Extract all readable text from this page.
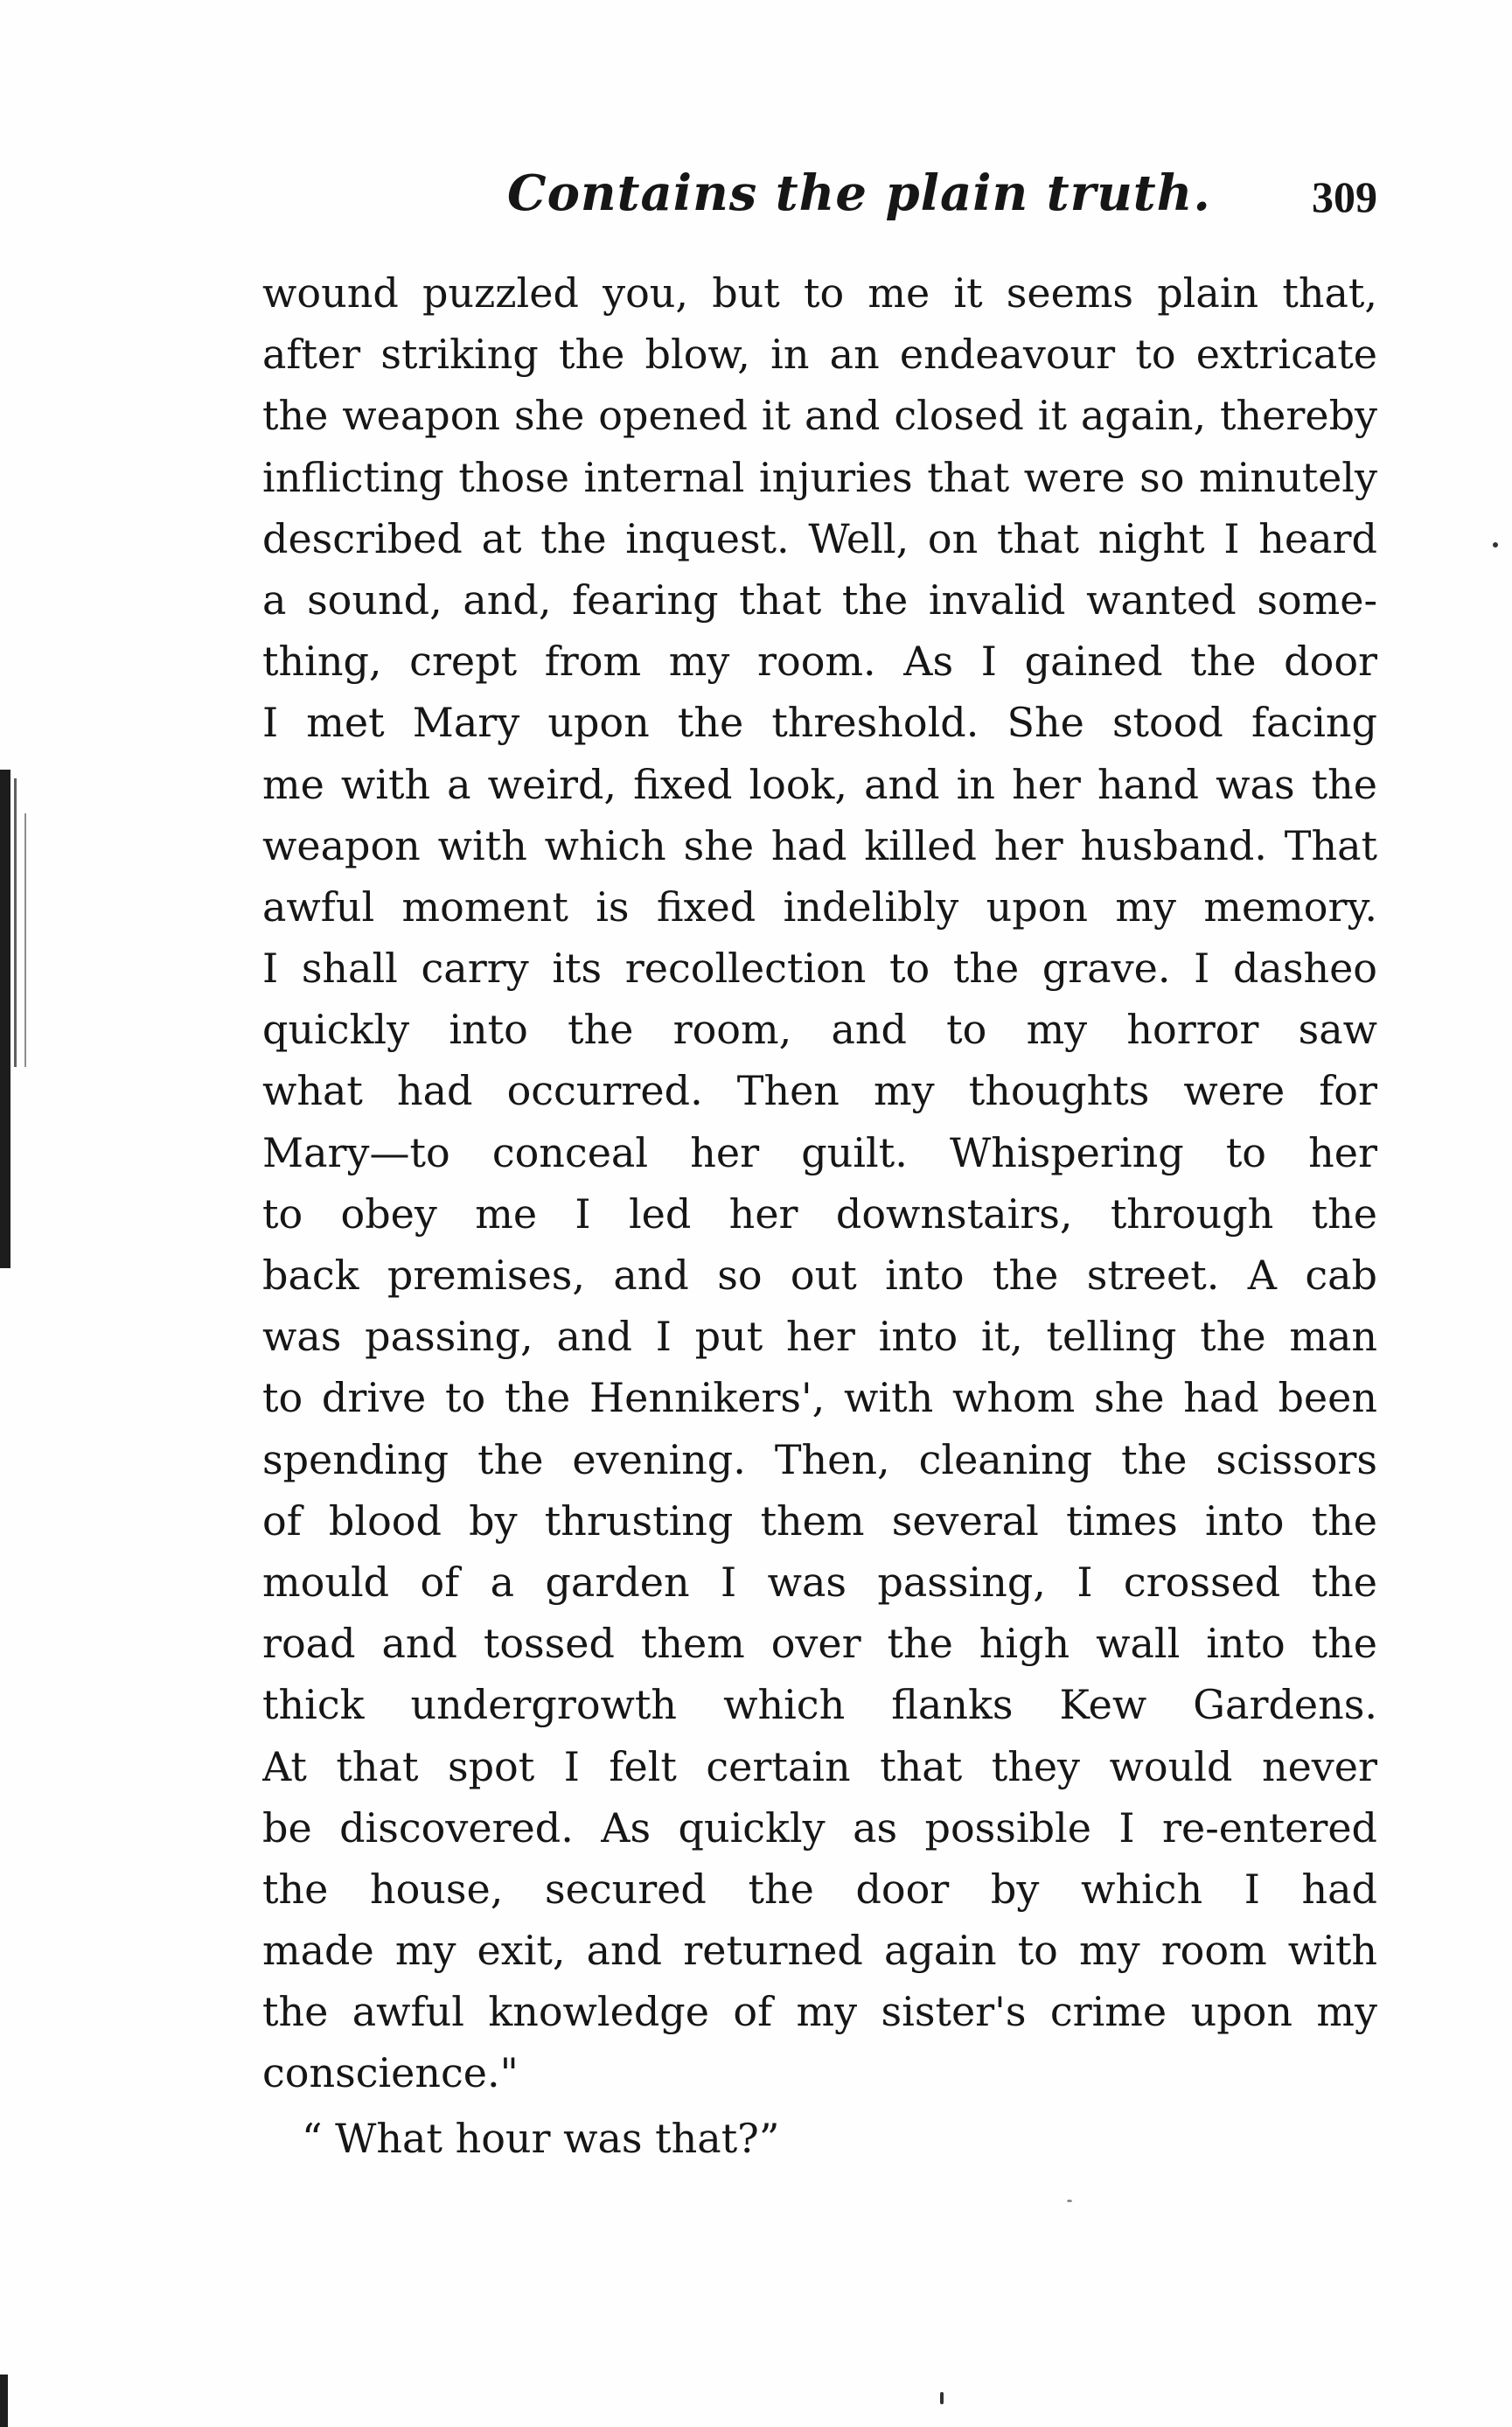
Contains the plain truth. 309
wound puzzled you, but to me it seems plain that,
after striking the blow, in an endeavour to extricate
the weapon she opened it and closed it again, thereby
inflicting those internal injuries that were so minutely
described at the inquest. Well, on that night I heard
a sound, and, fearing that the invalid wanted some-
thing, crept from my room. As I gained the door
I met Mary upon the threshold. She stood facing
me with a weird, fixed look, and in her hand was the
weapon with which she had killed her husband. That
awful moment is fixed indelibly upon my memory.
I shall carry its recollection to the grave. I dasheo
quickly into the room, and to my horror saw
what had occurred. Then my thoughts were for
Mary—to conceal her guilt. Whispering to her
to obey me I led her downstairs, through the
back premises, and so out into the street. A cab
was passing, and I put her into it, telling the man
to drive to the Hennikers', with whom she had been
spending the evening. Then, cleaning the scissors
of blood by thrusting them several times into the
mould of a garden I was passing, I crossed the
road and tossed them over the high wall into the
thick undergrowth which flanks Kew Gardens.
At that spot I felt certain that they would never
be discovered. As quickly as possible I re-entered
the house, secured the door by which I had
made my exit, and returned again to my room with
the awful knowledge of my sister's crime upon my
conscience."
“ What hour was that?”
